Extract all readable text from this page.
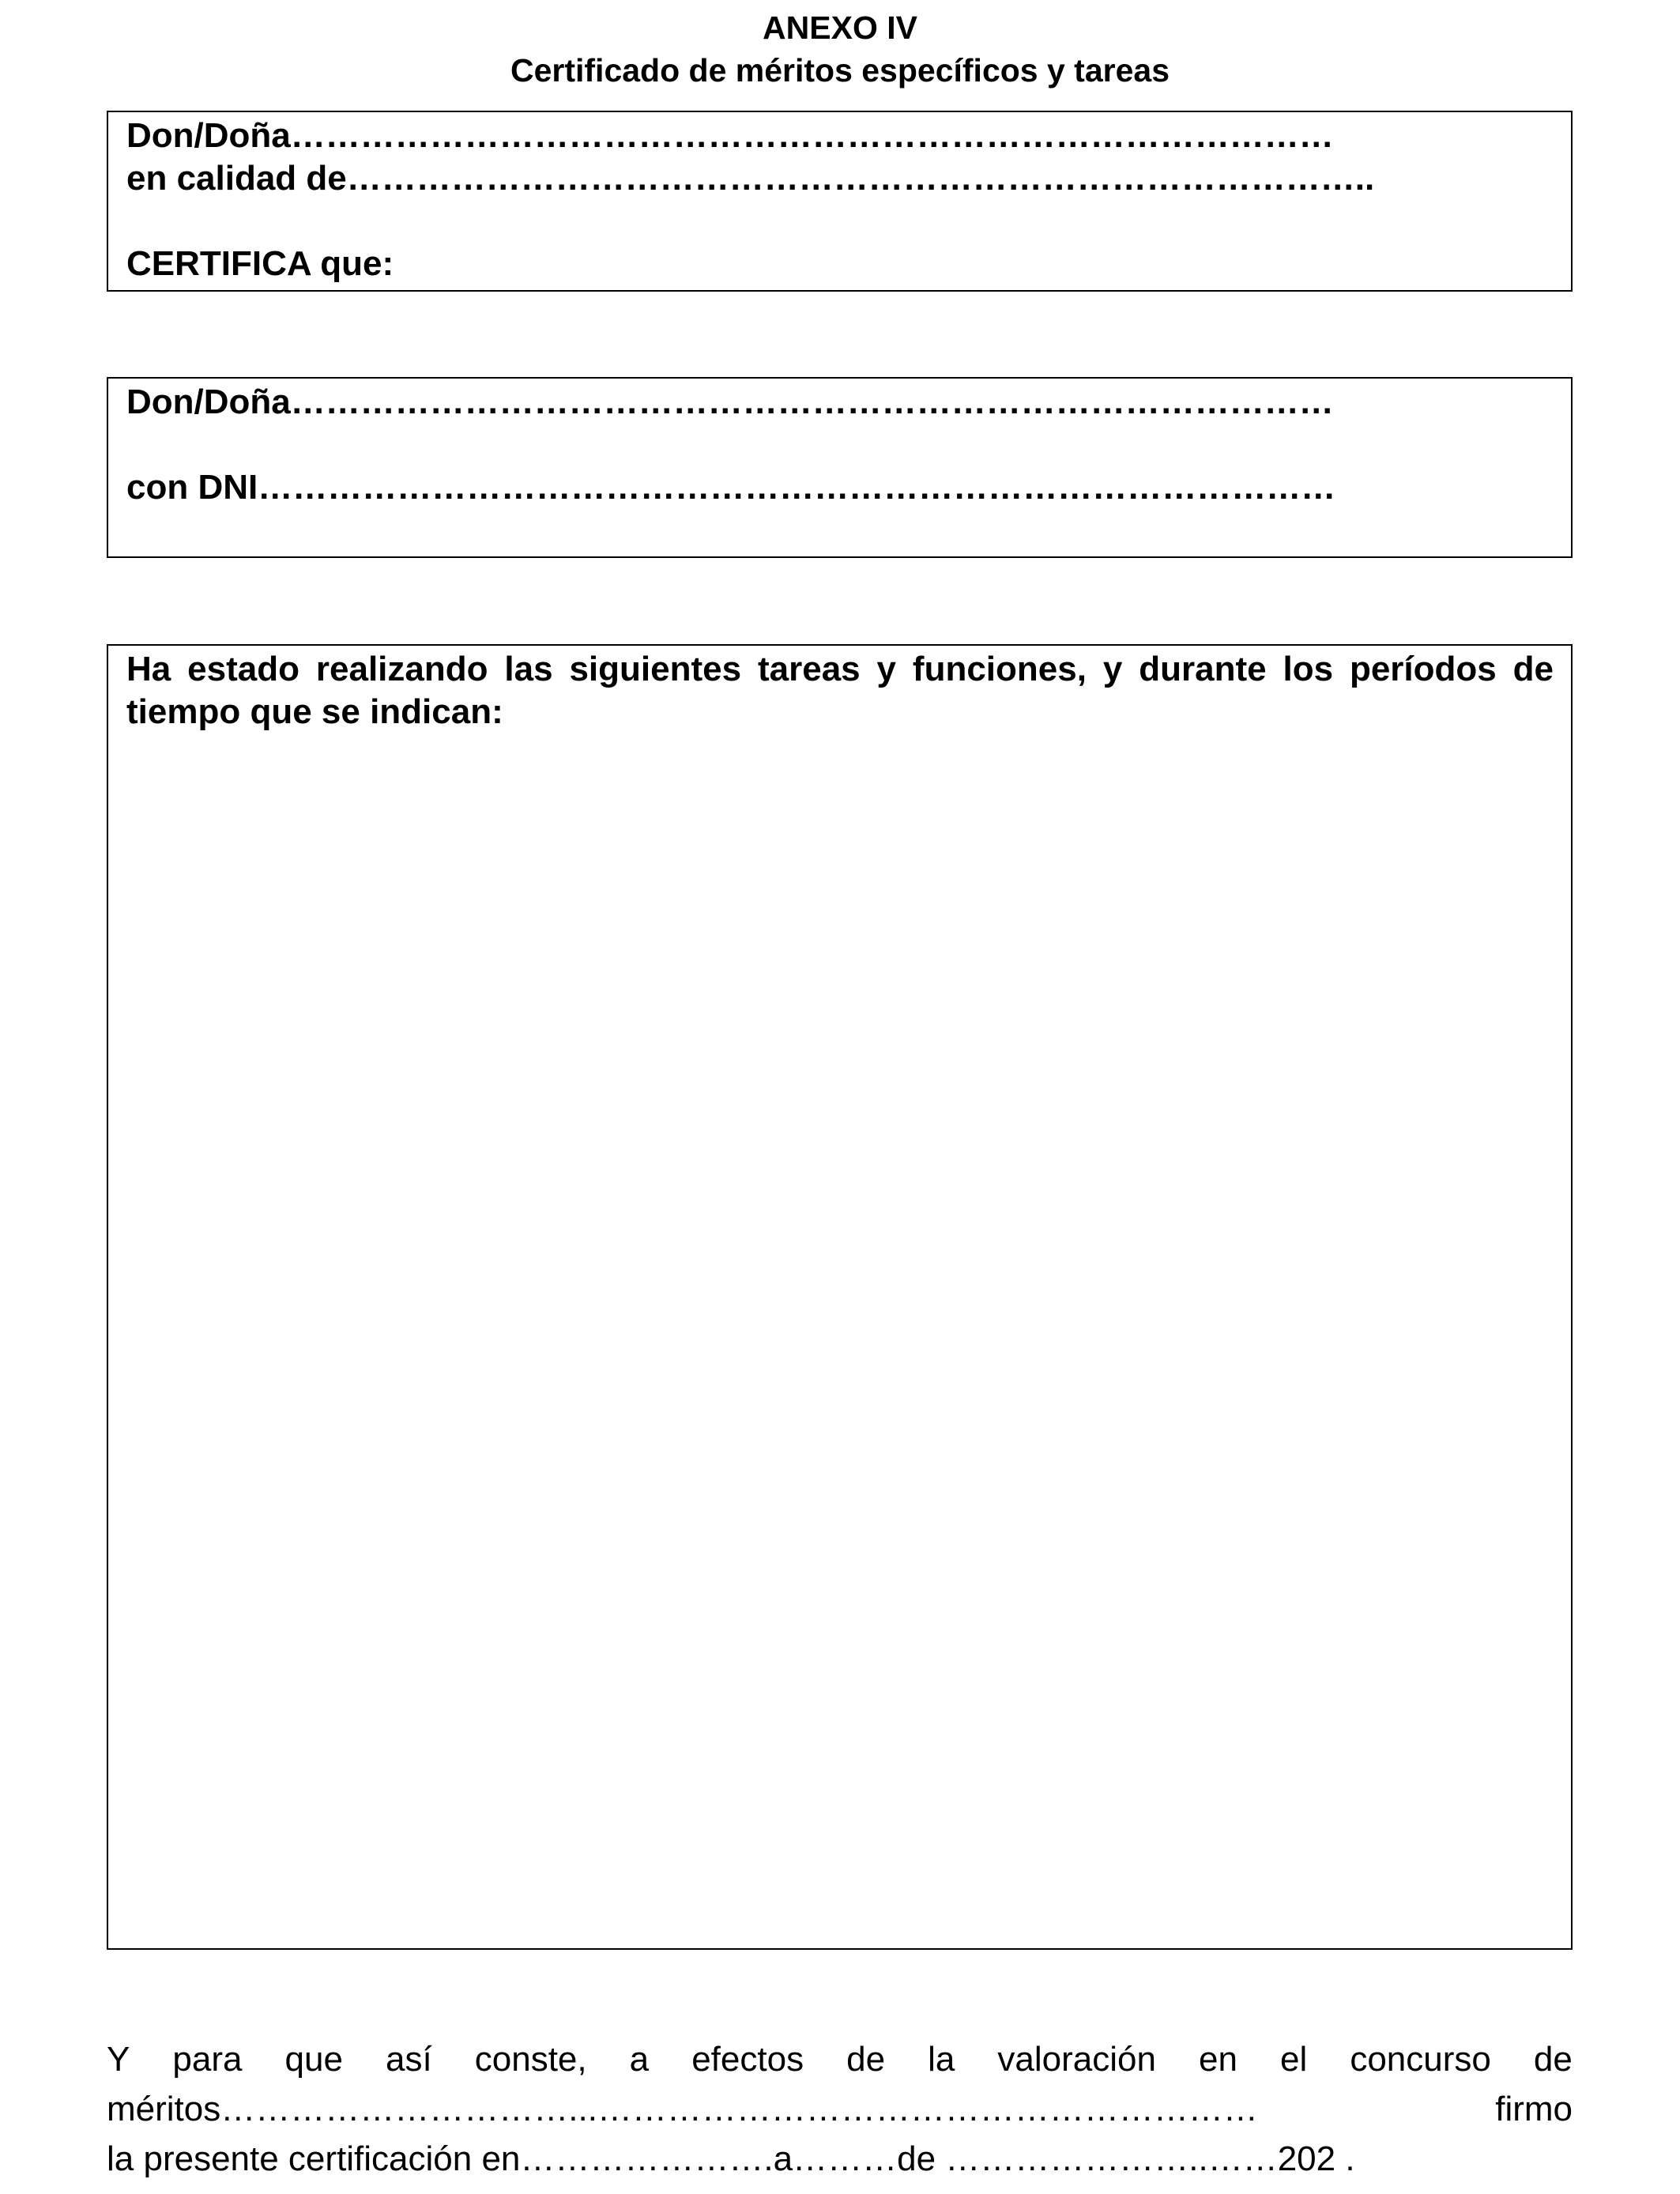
ANEXO IV
Certificado de méritos específicos y tareas
Don/Doña………………………………………………………………………………
en calidad de……………………………………………………………………………..
CERTIFICA que:
Don/Doña………………………………………………………………………………
con DNI…………………………………………………………………………………
Ha estado realizando las siguientes tareas y funciones, y durante los períodos de tiempo que se indican:
Y para que así conste, a efectos de la valoración en el concurso de
méritos…………………………...…………………………………………………	firmo
la presente certificación en………………….a………de …………………..……202 .
